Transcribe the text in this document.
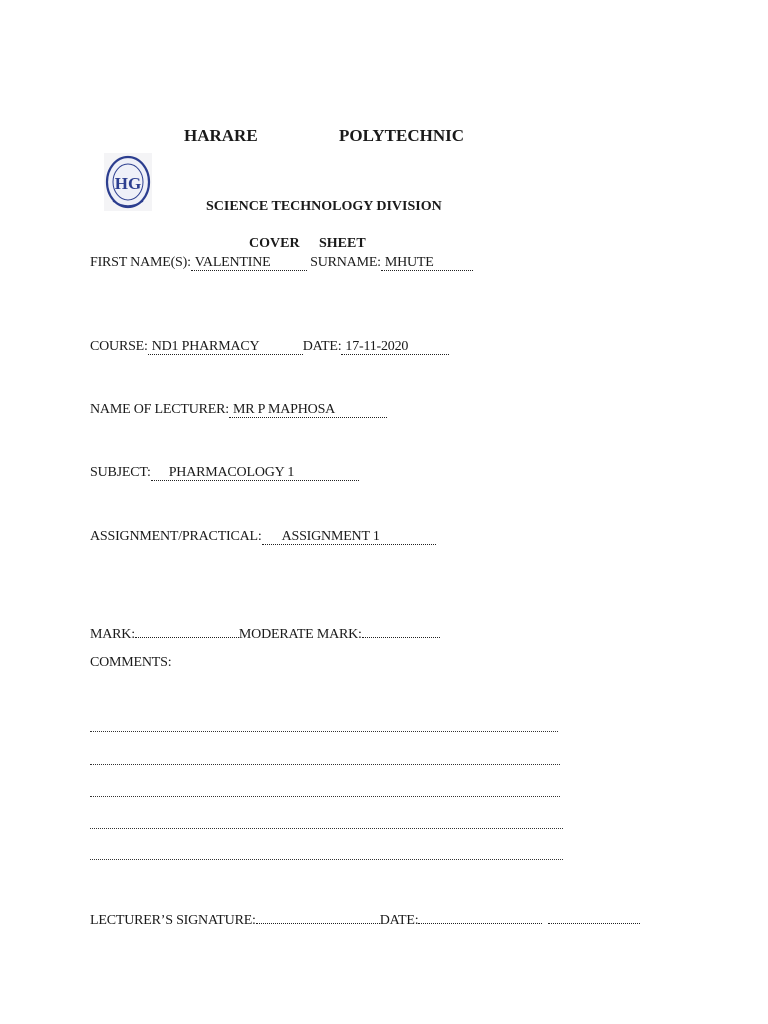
HARARE	POLYTECHNIC
HG
SCIENCE TECHNOLOGY DIVISION
COVER SHEET
FIRST NAME(S): VALENTINE	SURNAME: MHUTE
COURSE: ND1 PHARMACY	DATE: 17-11-2020
NAME OF LECTURER: MR P MAPHOSA
SUBJECT: PHARMACOLOGY 1
ASSIGNMENT/PRACTICAL: ASSIGNMENT 1
MARK:	MODERATE MARK:
COMMENTS:
LECTURER’S SIGNATURE:	DATE:
